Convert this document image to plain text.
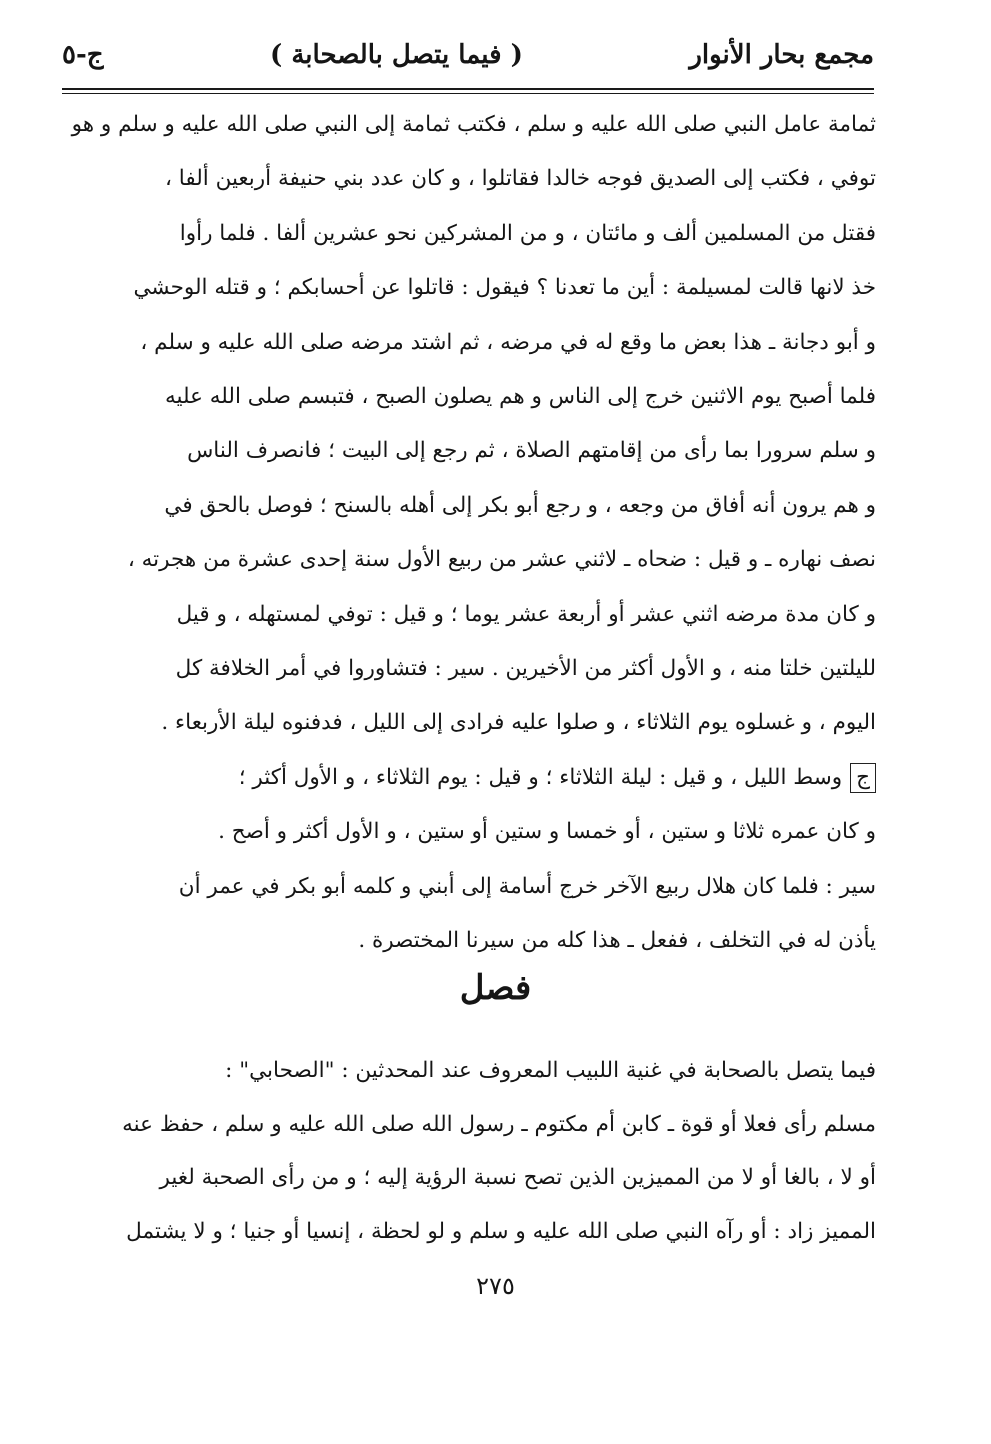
مجمع بحار الأنوار
( فيما يتصل بالصحابة )
ج-٥
ثمامة عامل النبي صلى الله عليه و سلم ، فكتب ثمامة إلى النبي صلى الله عليه و سلم و هو
توفي ، فكتب إلى الصديق فوجه خالدا فقاتلوا ، و كان عدد بني حنيفة أربعين ألفا ،
فقتل من المسلمين ألف و مائتان ، و من المشركين نحو عشرين ألفا . فلما رأوا
خذ لانها قالت لمسيلمة : أين ما تعدنا ؟ فيقول : قاتلوا عن أحسابكم ؛ و قتله الوحشي
و أبو دجانة ـ هذا بعض ما وقع له في مرضه ، ثم اشتد مرضه صلى الله عليه و سلم ،
فلما أصبح يوم الاثنين خرج إلى الناس و هم يصلون الصبح ، فتبسم صلى الله عليه
و سلم سرورا بما رأى من إقامتهم الصلاة ، ثم رجع إلى البيت ؛ فانصرف الناس
و هم يرون أنه أفاق من وجعه ، و رجع أبو بكر إلى أهله بالسنح ؛ فوصل بالحق في
نصف نهاره ـ و قيل : ضحاه ـ لاثني عشر من ربيع الأول سنة إحدى عشرة من هجرته ،
و كان مدة مرضه اثني عشر أو أربعة عشر يوما ؛ و قيل : توفي لمستهله ، و قيل
لليلتين خلتا منه ، و الأول أكثر من الأخيرين . سير : فتشاوروا في أمر الخلافة كل
اليوم ، و غسلوه يوم الثلاثاء ، و صلوا عليه فرادى إلى الليل ، فدفنوه ليلة الأربعاء .
جوسط الليل ، و قيل : ليلة الثلاثاء ؛ و قيل : يوم الثلاثاء ، و الأول أكثر ؛
و كان عمره ثلاثا و ستين ، أو خمسا و ستين أو ستين ، و الأول أكثر و أصح .
سير : فلما كان هلال ربيع الآخر خرج أسامة إلى أبني و كلمه أبو بكر في عمر أن
يأذن له في التخلف ، ففعل ـ هذا كله من سيرنا المختصرة .
فصل
فيما يتصل بالصحابة في غنية اللبيب المعروف عند المحدثين : "الصحابي" :
مسلم رأى فعلا أو قوة ـ كابن أم مكتوم ـ رسول الله صلى الله عليه و سلم ، حفظ عنه
أو لا ، بالغا أو لا من المميزين الذين تصح نسبة الرؤية إليه ؛ و من رأى الصحبة لغير
المميز زاد : أو رآه النبي صلى الله عليه و سلم و لو لحظة ، إنسيا أو جنيا ؛ و لا يشتمل
٢٧٥
